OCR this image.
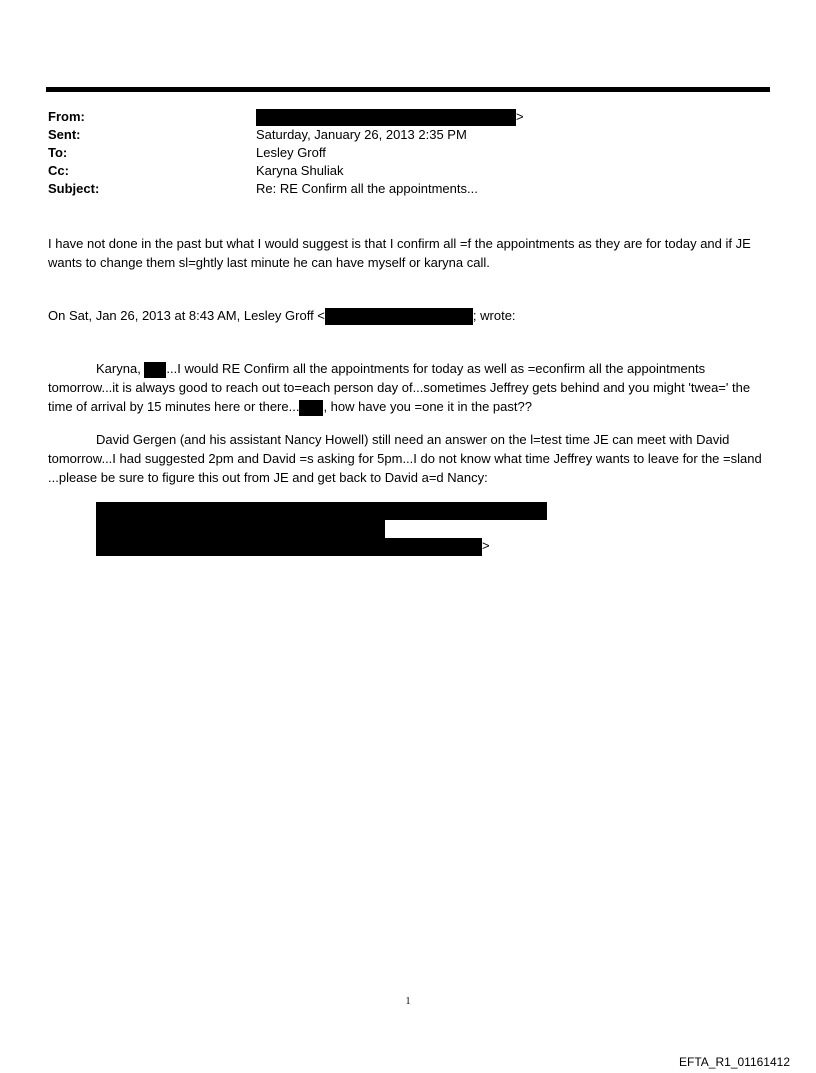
From:	>
Sent:	Saturday, January 26, 2013 2:35 PM
To:	Lesley Groff
Cc:	Karyna Shuliak
Subject:	Re: RE Confirm all the appointments...
I have not done in the past but what I would suggest is that I confirm all =f the appointments as they are for today and if JE wants to change them sl=ghtly last minute he can have myself or karyna call.
On Sat, Jan 26, 2013 at 8:43 AM, Lesley Groff <	; wrote:
Karyna, ...I would RE Confirm all the appointments for today as well as =econfirm all the appointments tomorrow...it is always good to reach out to=each person day of...sometimes Jeffrey gets behind and you might 'twea=' the time of arrival by 15 minutes here or there... , how have you =one it in the past??
David Gergen (and his assistant Nancy Howell) still need an answer on the l=test time JE can meet with David tomorrow...I had suggested 2pm and David =s asking for 5pm...I do not know what time Jeffrey wants to leave for the =sland ...please be sure to figure this out from JE and get back to David a=d Nancy:
>
1
EFTA_R1_01161412
